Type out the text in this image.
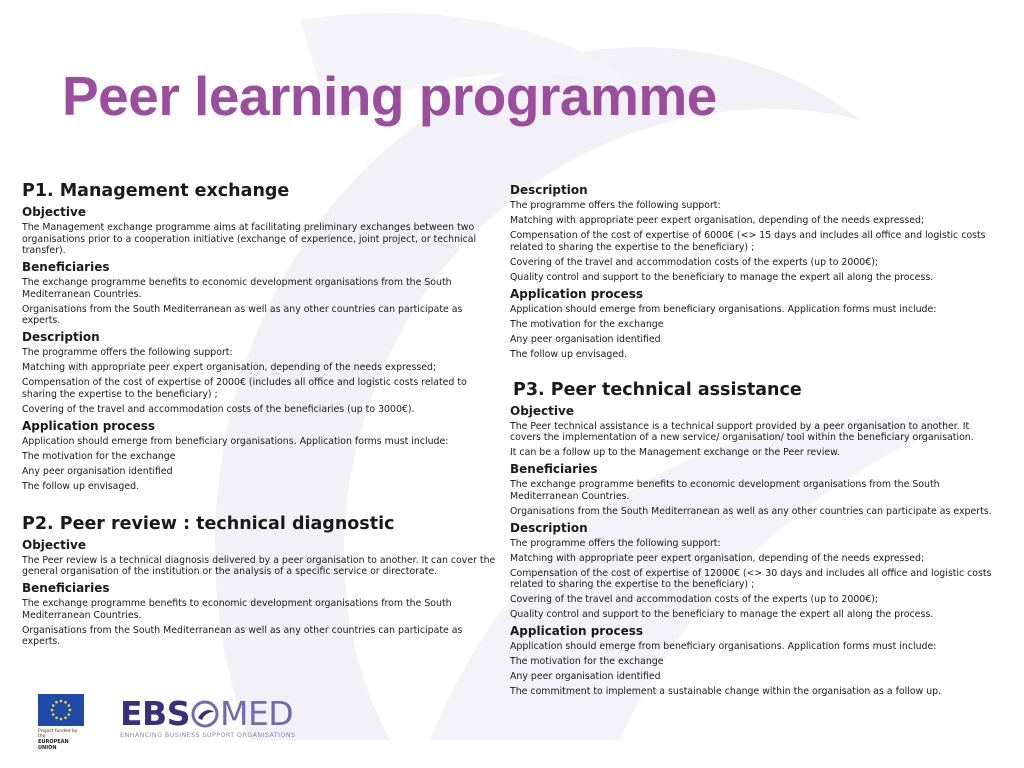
Peer learning programme
P1. Management exchange
Objective
The Management exchange programme aims at facilitating preliminary exchanges between two organisations prior to a cooperation initiative (exchange of experience, joint project, or technical transfer).
Beneficiaries
The exchange programme benefits to economic development organisations from the South Mediterranean Countries.
Organisations from the South Mediterranean as well as any other countries can participate as experts.
Description
The programme offers the following support:
Matching with appropriate peer expert organisation, depending of the needs expressed;
Compensation of the cost of expertise of 2000€ (includes all office and logistic costs related to sharing the expertise to the beneficiary) ;
Covering of the travel and accommodation costs of the beneficiaries (up to 3000€).
Application process
Application should emerge from beneficiary organisations. Application forms must include:
The motivation for the exchange
Any peer organisation identified
The follow up envisaged.
P2. Peer review : technical diagnostic
Objective
The Peer review is a technical diagnosis delivered by a peer organisation to another. It can cover the general organisation of the institution or the analysis of a specific service or directorate.
Beneficiaries
The exchange programme benefits to economic development organisations from the South Mediterranean Countries.
Organisations from the South Mediterranean as well as any other countries can participate as experts.
Description
The programme offers the following support:
Matching with appropriate peer expert organisation, depending of the needs expressed;
Compensation of the cost of expertise of 6000€ (<> 15 days and includes all office and logistic costs related to sharing the expertise to the beneficiary) ;
Covering of the travel and accommodation costs of the experts (up to 2000€);
Quality control and support to the beneficiary to manage the expert all along the process.
Application process
Application should emerge from beneficiary organisations. Application forms must include:
The motivation for the exchange
Any peer organisation identified
The follow up envisaged.
P3. Peer technical assistance
Objective
The Peer technical assistance is a technical support provided by a peer organisation to another. It covers the implementation of a new service/ organisation/ tool within the beneficiary organisation.
It can be a follow up to the Management exchange or the Peer review.
Beneficiaries
The exchange programme benefits to economic development organisations from the South Mediterranean Countries.
Organisations from the South Mediterranean as well as any other countries can participate as experts.
Description
The programme offers the following support:
Matching with appropriate peer expert organisation, depending of the needs expressed;
Compensation of the cost of expertise of 12000€ (<> 30 days and includes all office and logistic costs related to sharing the expertise to the beneficiary) ;
Covering of the travel and accommodation costs of the experts (up to 2000€);
Quality control and support to the beneficiary to manage the expert all along the process.
Application process
Application should emerge from beneficiary organisations. Application forms must include:
The motivation for the exchange
Any peer organisation identified
The commitment to implement a sustainable change within the organisation as a follow up.
Project funded by the
EUROPEAN UNION
EBS MED
ENHANCING BUSINESS SUPPORT ORGANISATIONS
